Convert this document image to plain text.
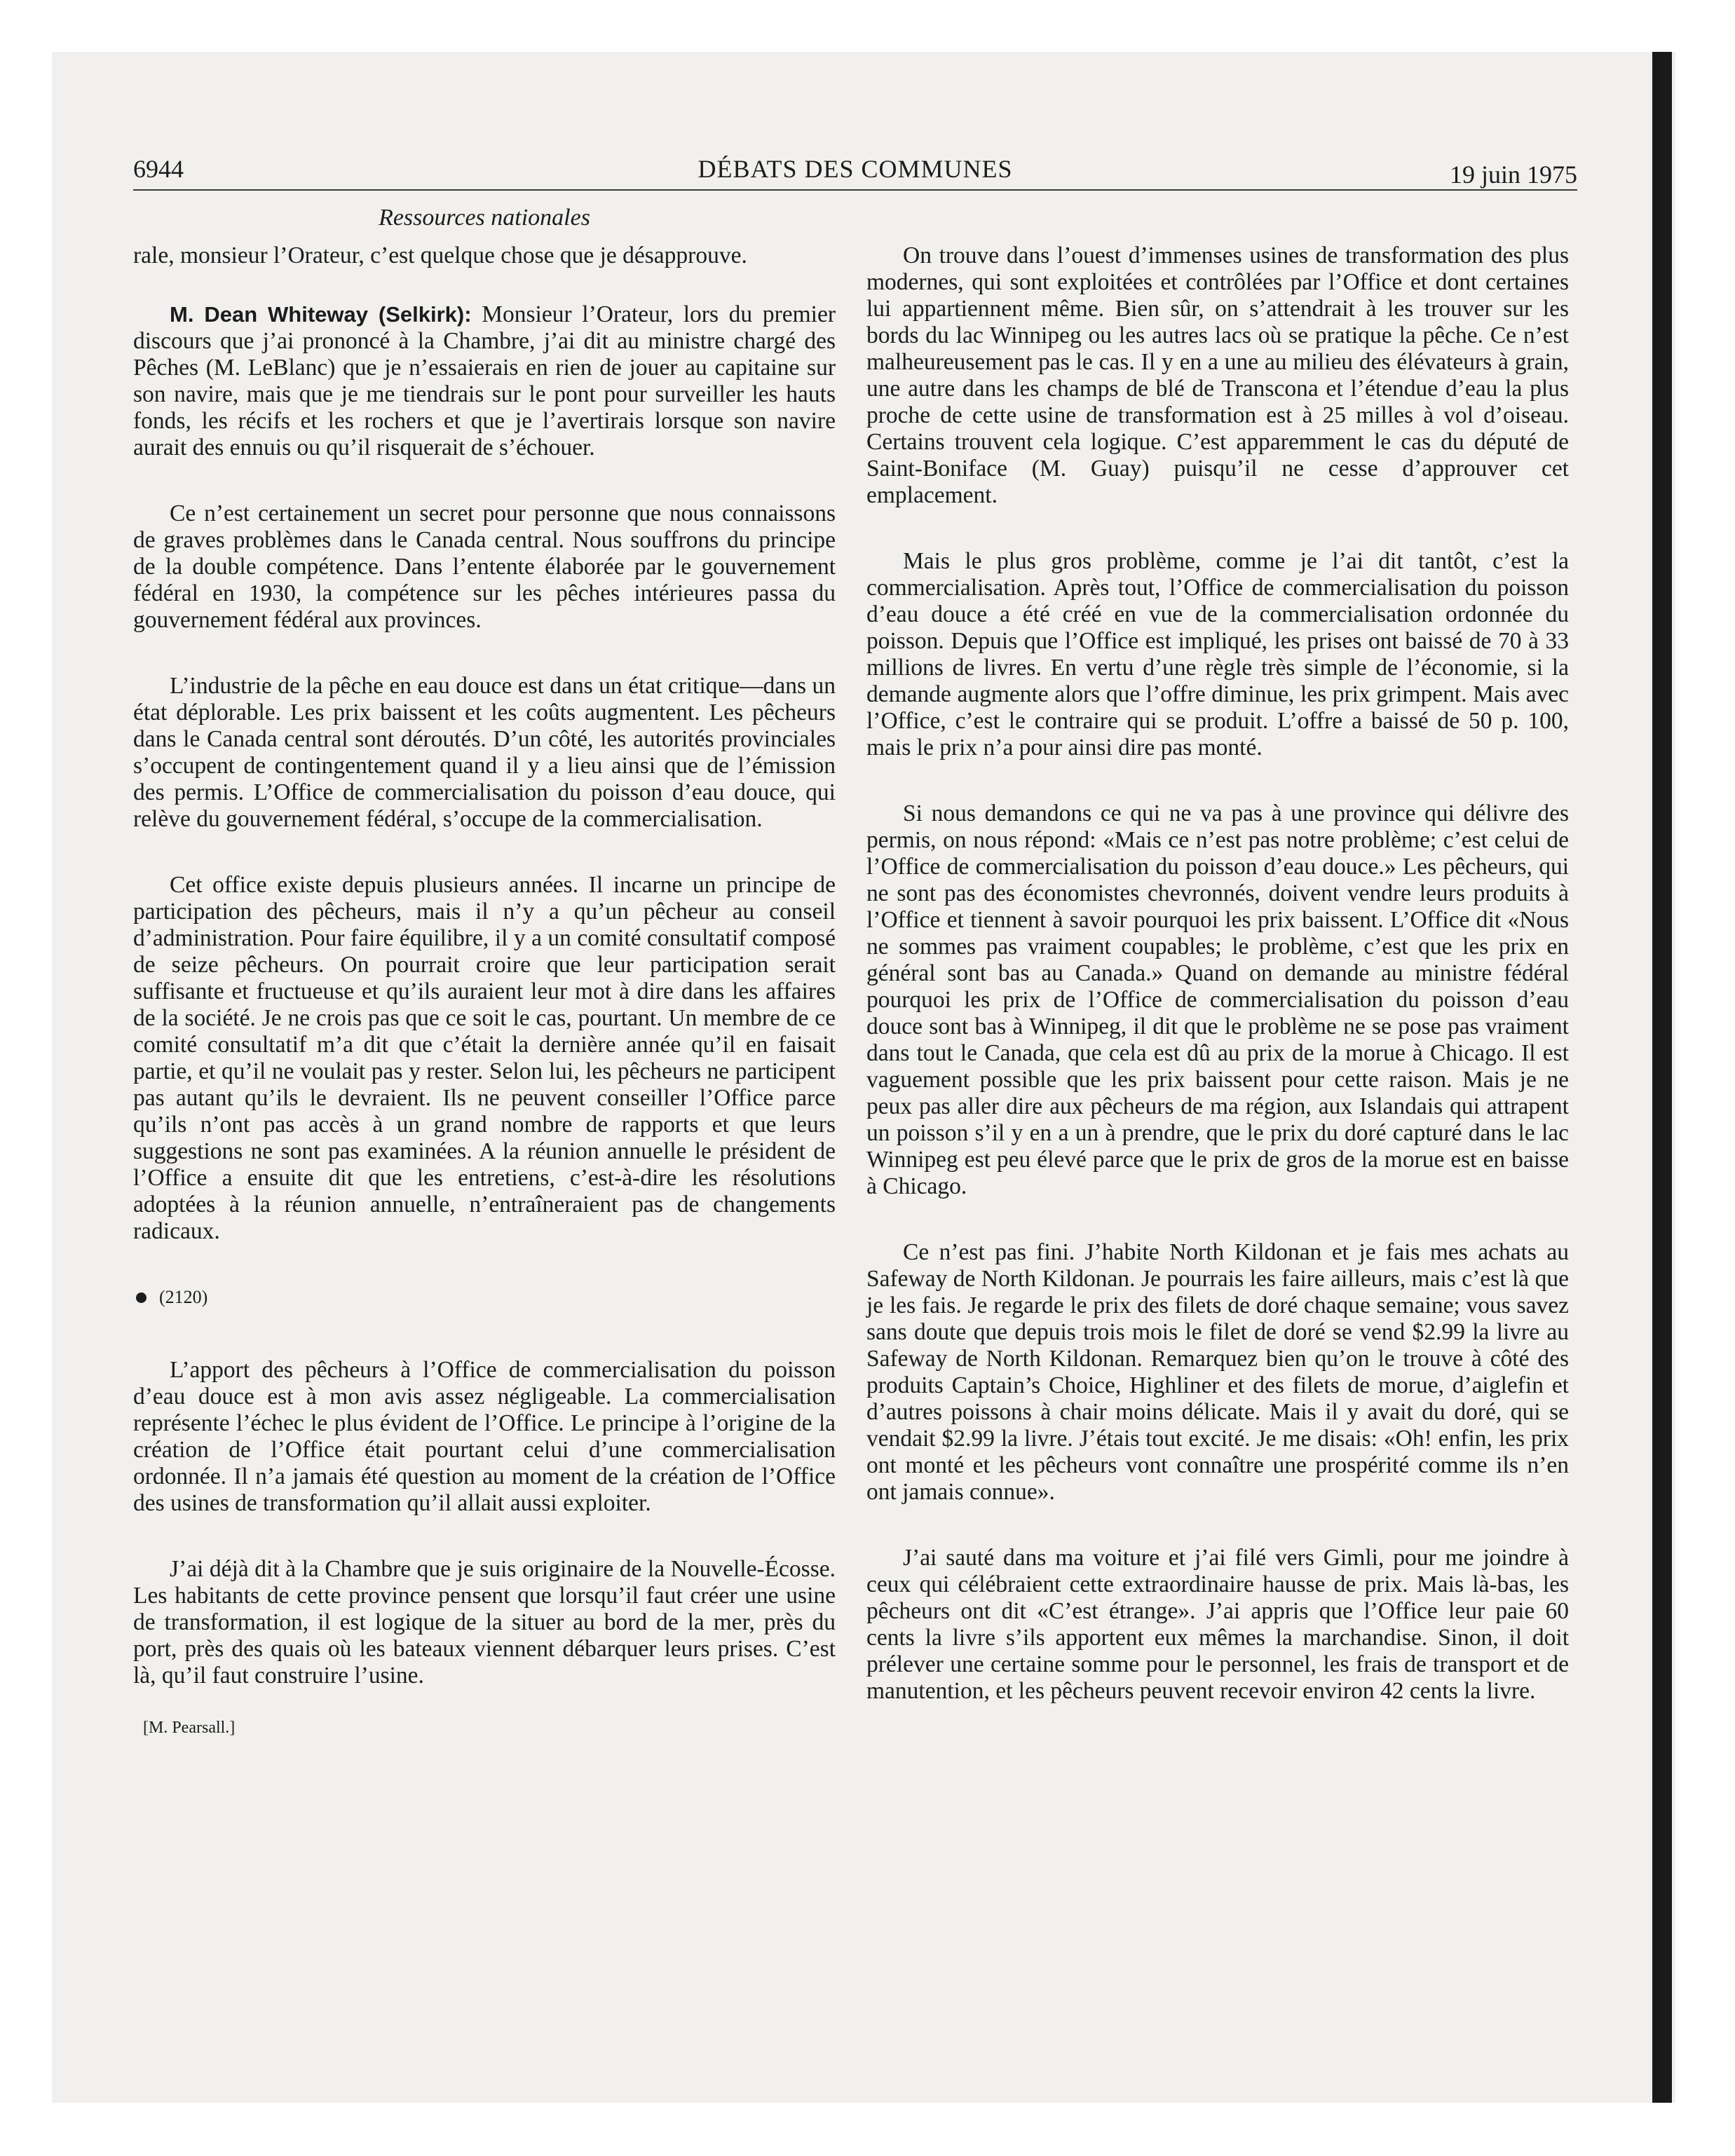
6944	DÉBATS DES COMMUNES	19 juin 1975
Ressources nationales

rale, monsieur l’Orateur, c’est quelque chose que je désapprouve.

M. Dean Whiteway (Selkirk): Monsieur l’Orateur, lors du premier discours que j’ai prononcé à la Chambre, j’ai dit au ministre chargé des Pêches (M. LeBlanc) que je n’essaierais en rien de jouer au capitaine sur son navire, mais que je me tiendrais sur le pont pour surveiller les hauts fonds, les récifs et les rochers et que je l’avertirais lorsque son navire aurait des ennuis ou qu’il risquerait de s’échouer.

Ce n’est certainement un secret pour personne que nous connaissons de graves problèmes dans le Canada central. Nous souffrons du principe de la double compétence. Dans l’entente élaborée par le gouvernement fédéral en 1930, la compétence sur les pêches intérieures passa du gouvernement fédéral aux provinces.

L’industrie de la pêche en eau douce est dans un état critique—dans un état déplorable. Les prix baissent et les coûts augmentent. Les pêcheurs dans le Canada central sont déroutés. D’un côté, les autorités provinciales s’occupent de contingentement quand il y a lieu ainsi que de l’émission des permis. L’Office de commercialisation du poisson d’eau douce, qui relève du gouvernement fédéral, s’occupe de la commercialisation.

Cet office existe depuis plusieurs années. Il incarne un principe de participation des pêcheurs, mais il n’y a qu’un pêcheur au conseil d’administration. Pour faire équilibre, il y a un comité consultatif composé de seize pêcheurs. On pourrait croire que leur participation serait suffisante et fructueuse et qu’ils auraient leur mot à dire dans les affaires de la société. Je ne crois pas que ce soit le cas, pourtant. Un membre de ce comité consultatif m’a dit que c’était la dernière année qu’il en faisait partie, et qu’il ne voulait pas y rester. Selon lui, les pêcheurs ne participent pas autant qu’ils le devraient. Ils ne peuvent conseiller l’Office parce qu’ils n’ont pas accès à un grand nombre de rapports et que leurs suggestions ne sont pas examinées. A la réunion annuelle le président de l’Office a ensuite dit que les entretiens, c’est-à-dire les résolutions adoptées à la réunion annuelle, n’entraîneraient pas de changements radicaux.

(2120)

L’apport des pêcheurs à l’Office de commercialisation du poisson d’eau douce est à mon avis assez négligeable. La commercialisation représente l’échec le plus évident de l’Office. Le principe à l’origine de la création de l’Office était pourtant celui d’une commercialisation ordonnée. Il n’a jamais été question au moment de la création de l’Office des usines de transformation qu’il allait aussi exploiter.

J’ai déjà dit à la Chambre que je suis originaire de la Nouvelle-Écosse. Les habitants de cette province pensent que lorsqu’il faut créer une usine de transformation, il est logique de la situer au bord de la mer, près du port, près des quais où les bateaux viennent débarquer leurs prises. C’est là, qu’il faut construire l’usine.

[M. Pearsall.]

On trouve dans l’ouest d’immenses usines de transformation des plus modernes, qui sont exploitées et contrôlées par l’Office et dont certaines lui appartiennent même. Bien sûr, on s’attendrait à les trouver sur les bords du lac Winnipeg ou les autres lacs où se pratique la pêche. Ce n’est malheureusement pas le cas. Il y en a une au milieu des élévateurs à grain, une autre dans les champs de blé de Transcona et l’étendue d’eau la plus proche de cette usine de transformation est à 25 milles à vol d’oiseau. Certains trouvent cela logique. C’est apparemment le cas du député de Saint-Boniface (M. Guay) puisqu’il ne cesse d’approuver cet emplacement.

Mais le plus gros problème, comme je l’ai dit tantôt, c’est la commercialisation. Après tout, l’Office de commercialisation du poisson d’eau douce a été créé en vue de la commercialisation ordonnée du poisson. Depuis que l’Office est impliqué, les prises ont baissé de 70 à 33 millions de livres. En vertu d’une règle très simple de l’économie, si la demande augmente alors que l’offre diminue, les prix grimpent. Mais avec l’Office, c’est le contraire qui se produit. L’offre a baissé de 50 p. 100, mais le prix n’a pour ainsi dire pas monté.

Si nous demandons ce qui ne va pas à une province qui délivre des permis, on nous répond: «Mais ce n’est pas notre problème; c’est celui de l’Office de commercialisation du poisson d’eau douce.» Les pêcheurs, qui ne sont pas des économistes chevronnés, doivent vendre leurs produits à l’Office et tiennent à savoir pourquoi les prix baissent. L’Office dit «Nous ne sommes pas vraiment coupables; le problème, c’est que les prix en général sont bas au Canada.» Quand on demande au ministre fédéral pourquoi les prix de l’Office de commercialisation du poisson d’eau douce sont bas à Winnipeg, il dit que le problème ne se pose pas vraiment dans tout le Canada, que cela est dû au prix de la morue à Chicago. Il est vaguement possible que les prix baissent pour cette raison. Mais je ne peux pas aller dire aux pêcheurs de ma région, aux Islandais qui attrapent un poisson s’il y en a un à prendre, que le prix du doré capturé dans le lac Winnipeg est peu élevé parce que le prix de gros de la morue est en baisse à Chicago.

Ce n’est pas fini. J’habite North Kildonan et je fais mes achats au Safeway de North Kildonan. Je pourrais les faire ailleurs, mais c’est là que je les fais. Je regarde le prix des filets de doré chaque semaine; vous savez sans doute que depuis trois mois le filet de doré se vend $2.99 la livre au Safeway de North Kildonan. Remarquez bien qu’on le trouve à côté des produits Captain’s Choice, Highliner et des filets de morue, d’aiglefin et d’autres poissons à chair moins délicate. Mais il y avait du doré, qui se vendait $2.99 la livre. J’étais tout excité. Je me disais: «Oh! enfin, les prix ont monté et les pêcheurs vont connaître une prospérité comme ils n’en ont jamais connue».

J’ai sauté dans ma voiture et j’ai filé vers Gimli, pour me joindre à ceux qui célébraient cette extraordinaire hausse de prix. Mais là-bas, les pêcheurs ont dit «C’est étrange». J’ai appris que l’Office leur paie 60 cents la livre s’ils apportent eux mêmes la marchandise. Sinon, il doit prélever une certaine somme pour le personnel, les frais de transport et de manutention, et les pêcheurs peuvent recevoir environ 42 cents la livre.
